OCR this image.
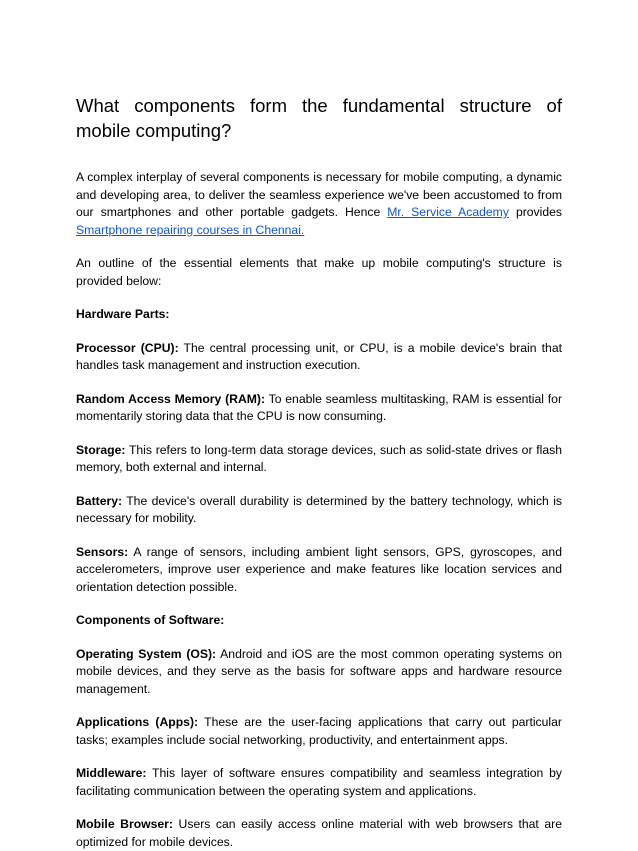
What components form the fundamental structure of mobile computing?

A complex interplay of several components is necessary for mobile computing, a dynamic and developing area, to deliver the seamless experience we've been accustomed to from our smartphones and other portable gadgets. Hence Mr. Service Academy provides Smartphone repairing courses in Chennai.

An outline of the essential elements that make up mobile computing's structure is provided below:

Hardware Parts:

Processor (CPU): The central processing unit, or CPU, is a mobile device's brain that handles task management and instruction execution.

Random Access Memory (RAM): To enable seamless multitasking, RAM is essential for momentarily storing data that the CPU is now consuming.

Storage: This refers to long-term data storage devices, such as solid-state drives or flash memory, both external and internal.

Battery: The device's overall durability is determined by the battery technology, which is necessary for mobility.

Sensors: A range of sensors, including ambient light sensors, GPS, gyroscopes, and accelerometers, improve user experience and make features like location services and orientation detection possible.

Components of Software:

Operating System (OS): Android and iOS are the most common operating systems on mobile devices, and they serve as the basis for software apps and hardware resource management.

Applications (Apps): These are the user-facing applications that carry out particular tasks; examples include social networking, productivity, and entertainment apps.

Middleware: This layer of software ensures compatibility and seamless integration by facilitating communication between the operating system and applications.

Mobile Browser: Users can easily access online material with web browsers that are optimized for mobile devices.
